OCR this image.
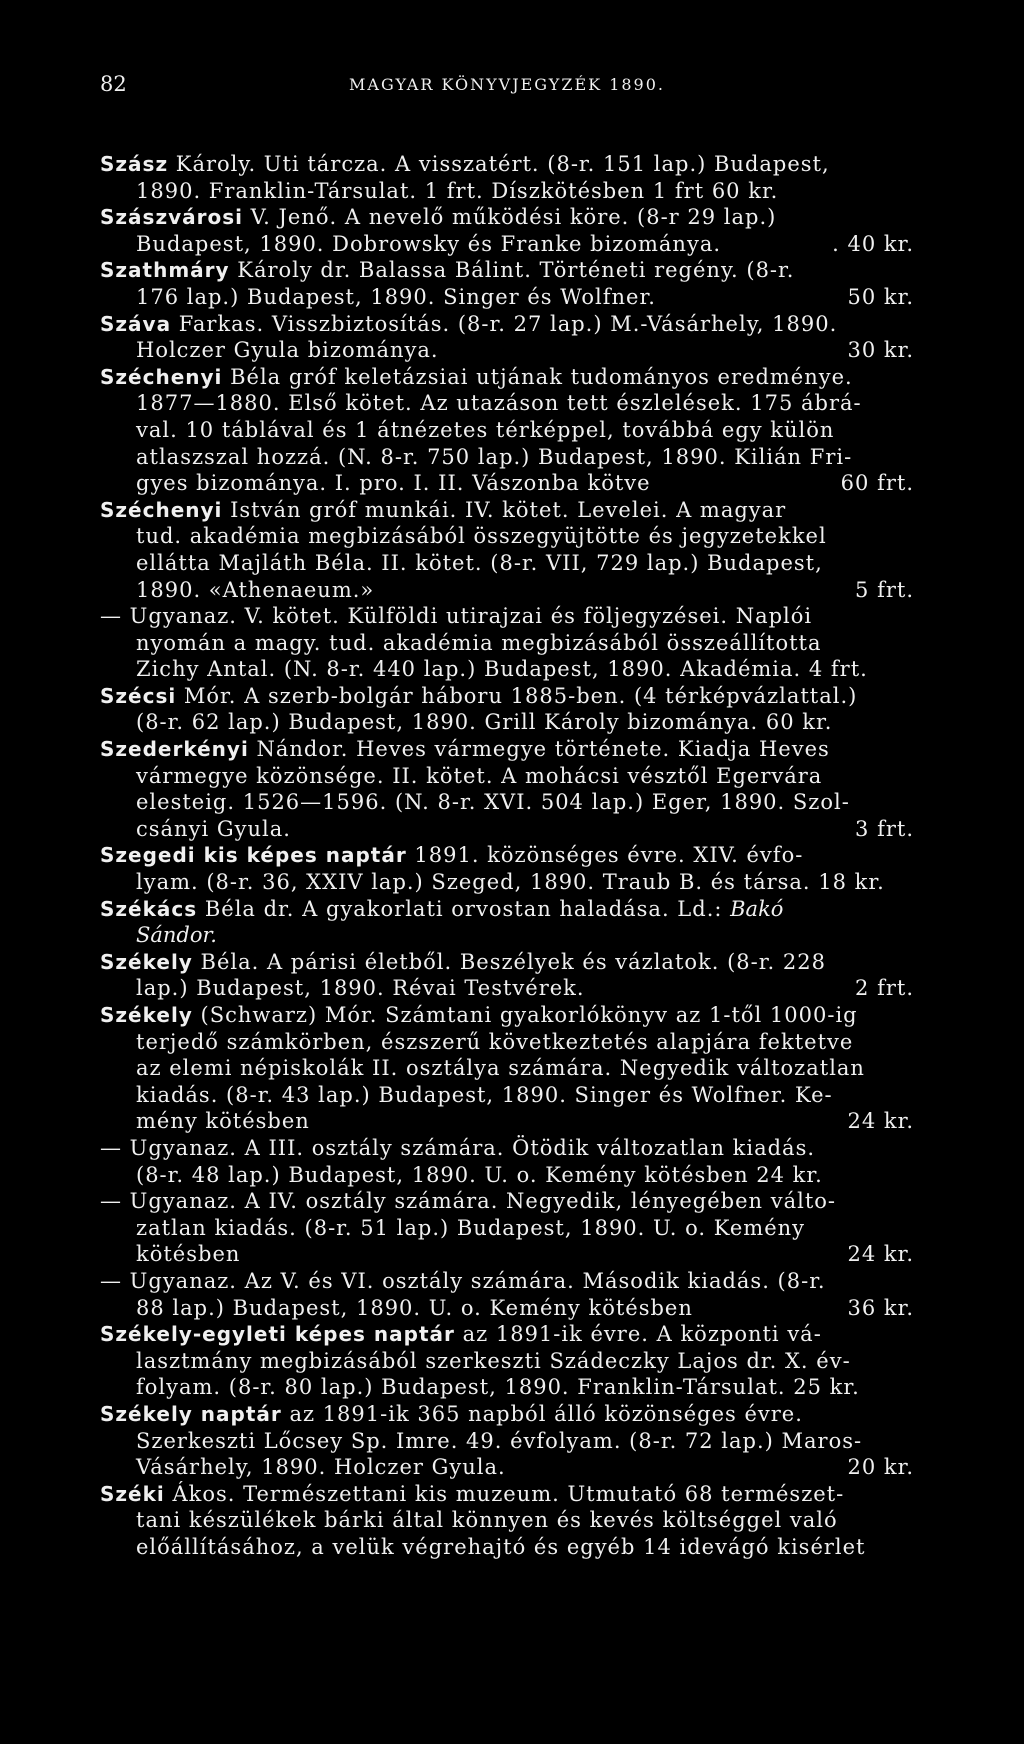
82	MAGYAR KÖNYVJEGYZÉK 1890.
Szász Károly. Uti tárcza. A visszatért. (8-r. 151 lap.) Budapest,
1890. Franklin-Társulat. 1 frt. Díszkötésben 1 frt 60 kr.
Szászvárosi V. Jenő. A nevelő működési köre. (8-r 29 lap.)
Budapest, 1890. Dobrowsky és Franke bizománya.	. 40 kr.
Szathmáry Károly dr. Balassa Bálint. Történeti regény. (8-r.
176 lap.) Budapest, 1890. Singer és Wolfner.	50 kr.
Száva Farkas. Visszbiztosítás. (8-r. 27 lap.) M.-Vásárhely, 1890.
Holczer Gyula bizománya.	30 kr.
Széchenyi Béla gróf keletázsiai utjának tudományos eredménye.
1877—1880. Első kötet. Az utazáson tett észlelések. 175 ábrá-
val. 10 táblával és 1 átnézetes térképpel, továbbá egy külön
atlaszszal hozzá. (N. 8-r. 750 lap.) Budapest, 1890. Kilián Fri-
gyes bizománya. I. pro. I. II. Vászonba kötve	60 frt.
Széchenyi István gróf munkái. IV. kötet. Levelei. A magyar
tud. akadémia megbizásából összegyüjtötte és jegyzetekkel
ellátta Majláth Béla. II. kötet. (8-r. VII, 729 lap.) Budapest,
1890. «Athenaeum.»	5 frt.
— Ugyanaz. V. kötet. Külföldi utirajzai és följegyzései. Naplói
nyomán a magy. tud. akadémia megbizásából összeállította
Zichy Antal. (N. 8-r. 440 lap.) Budapest, 1890. Akadémia. 4 frt.
Szécsi Mór. A szerb-bolgár háboru 1885-ben. (4 térképvázlattal.)
(8-r. 62 lap.) Budapest, 1890. Grill Károly bizománya. 60 kr.
Szederkényi Nándor. Heves vármegye története. Kiadja Heves
vármegye közönsége. II. kötet. A mohácsi vésztől Egervára
elesteig. 1526—1596. (N. 8-r. XVI. 504 lap.) Eger, 1890. Szol-
csányi Gyula.	3 frt.
Szegedi kis képes naptár 1891. közönséges évre. XIV. évfo-
lyam. (8-r. 36, XXIV lap.) Szeged, 1890. Traub B. és társa. 18 kr.
Székács Béla dr. A gyakorlati orvostan haladása. Ld.: Bakó
Sándor.
Székely Béla. A párisi életből. Beszélyek és vázlatok. (8-r. 228
lap.) Budapest, 1890. Révai Testvérek.	2 frt.
Székely (Schwarz) Mór. Számtani gyakorlókönyv az 1-től 1000-ig
terjedő számkörben, észszerű következtetés alapjára fektetve
az elemi népiskolák II. osztálya számára. Negyedik változatlan
kiadás. (8-r. 43 lap.) Budapest, 1890. Singer és Wolfner. Ke-
mény kötésben	24 kr.
— Ugyanaz. A III. osztály számára. Ötödik változatlan kiadás.
(8-r. 48 lap.) Budapest, 1890. U. o. Kemény kötésben 24 kr.
— Ugyanaz. A IV. osztály számára. Negyedik, lényegében válto-
zatlan kiadás. (8-r. 51 lap.) Budapest, 1890. U. o. Kemény
kötésben	24 kr.
— Ugyanaz. Az V. és VI. osztály számára. Második kiadás. (8-r.
88 lap.) Budapest, 1890. U. o. Kemény kötésben	36 kr.
Székely-egyleti képes naptár az 1891-ik évre. A központi vá-
lasztmány megbizásából szerkeszti Szádeczky Lajos dr. X. év-
folyam. (8-r. 80 lap.) Budapest, 1890. Franklin-Társulat. 25 kr.
Székely naptár az 1891-ik 365 napból álló közönséges évre.
Szerkeszti Lőcsey Sp. Imre. 49. évfolyam. (8-r. 72 lap.) Maros-
Vásárhely, 1890. Holczer Gyula.	20 kr.
Széki Ákos. Természettani kis muzeum. Utmutató 68 természet-
tani készülékek bárki által könnyen és kevés költséggel való
előállításához, a velük végrehajtó és egyéb 14 idevágó kisérlet
